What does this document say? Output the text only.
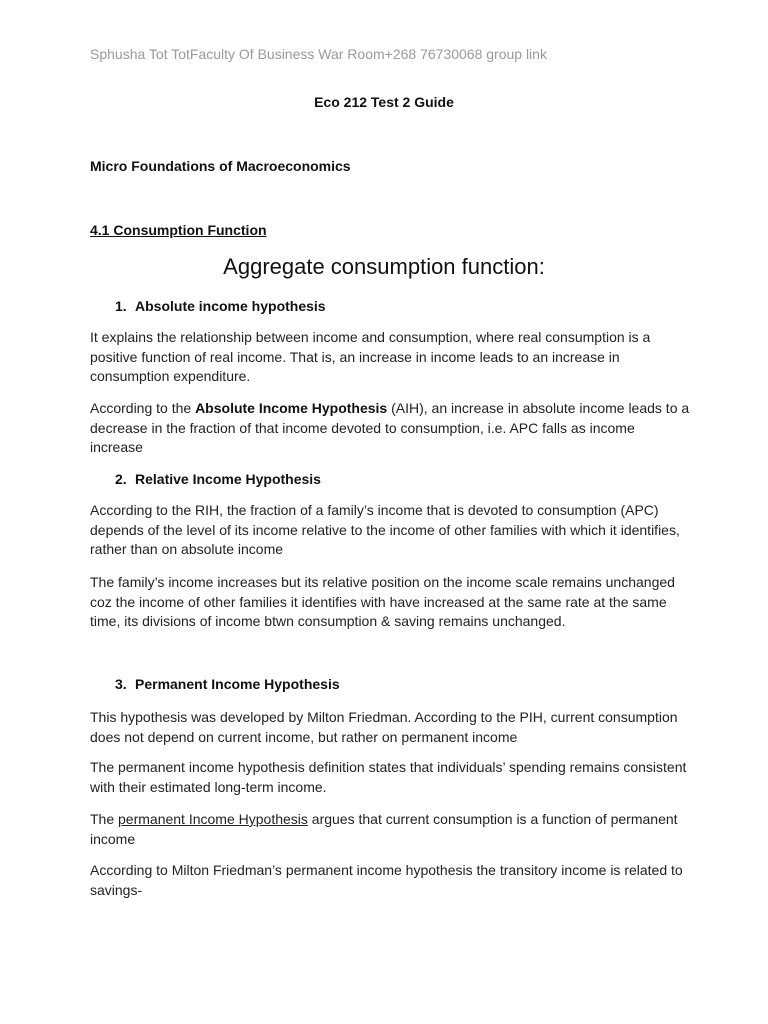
Sphusha Tot TotFaculty Of Business War Room+268 76730068 group link
Eco 212 Test 2 Guide
Micro Foundations of Macroeconomics
4.1 Consumption Function
Aggregate consumption function:
1. Absolute income hypothesis
It explains the relationship between income and consumption, where real consumption is a positive function of real income. That is, an increase in income leads to an increase in consumption expenditure.
According to the Absolute Income Hypothesis (AIH), an increase in absolute income leads to a decrease in the fraction of that income devoted to consumption, i.e. APC falls as income increase
2. Relative Income Hypothesis
According to the RIH, the fraction of a family’s income that is devoted to consumption (APC) depends of the level of its income relative to the income of other families with which it identifies, rather than on absolute income
The family’s income increases but its relative position on the income scale remains unchanged coz the income of other families it identifies with have increased at the same rate at the same time, its divisions of income btwn consumption & saving remains unchanged.
3. Permanent Income Hypothesis
This hypothesis was developed by Milton Friedman. According to the PIH, current consumption does not depend on current income, but rather on permanent income
The permanent income hypothesis definition states that individuals’ spending remains consistent with their estimated long-term income.
The permanent Income Hypothesis argues that current consumption is a function of permanent income
According to Milton Friedman’s permanent income hypothesis the transitory income is related to savings-
